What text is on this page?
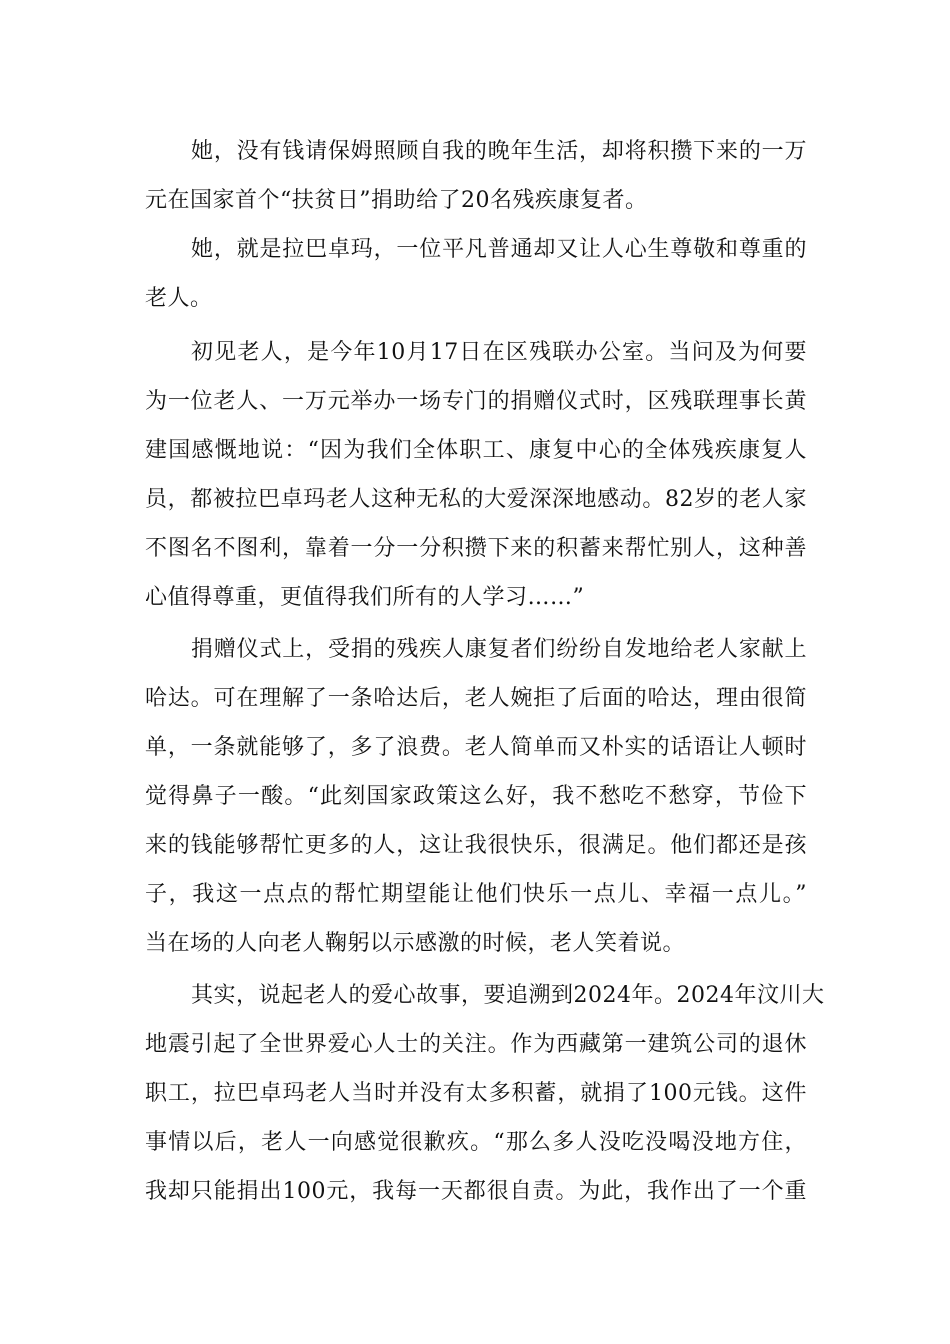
她，没有钱请保姆照顾自我的晚年生活，却将积攒下来的一万
元在国家首个“扶贫日”捐助给了20名残疾康复者。
她，就是拉巴卓玛，一位平凡普通却又让人心生尊敬和尊重的
老人。
初见老人，是今年10月17日在区残联办公室。当问及为何要
为一位老人、一万元举办一场专门的捐赠仪式时，区残联理事长黄
建国感慨地说：“因为我们全体职工、康复中心的全体残疾康复人
员，都被拉巴卓玛老人这种无私的大爱深深地感动。82岁的老人家
不图名不图利，靠着一分一分积攒下来的积蓄来帮忙别人，这种善
心值得尊重，更值得我们所有的人学习……”
捐赠仪式上，受捐的残疾人康复者们纷纷自发地给老人家献上
哈达。可在理解了一条哈达后，老人婉拒了后面的哈达，理由很简
单，一条就能够了，多了浪费。老人简单而又朴实的话语让人顿时
觉得鼻子一酸。“此刻国家政策这么好，我不愁吃不愁穿，节俭下
来的钱能够帮忙更多的人，这让我很快乐，很满足。他们都还是孩
子，我这一点点的帮忙期望能让他们快乐一点儿、幸福一点儿。”
当在场的人向老人鞠躬以示感激的时候，老人笑着说。
其实，说起老人的爱心故事，要追溯到2024年。2024年汶川大
地震引起了全世界爱心人士的关注。作为西藏第一建筑公司的退休
职工，拉巴卓玛老人当时并没有太多积蓄，就捐了100元钱。这件
事情以后，老人一向感觉很歉疚。“那么多人没吃没喝没地方住，
我却只能捐出100元，我每一天都很自责。为此，我作出了一个重
